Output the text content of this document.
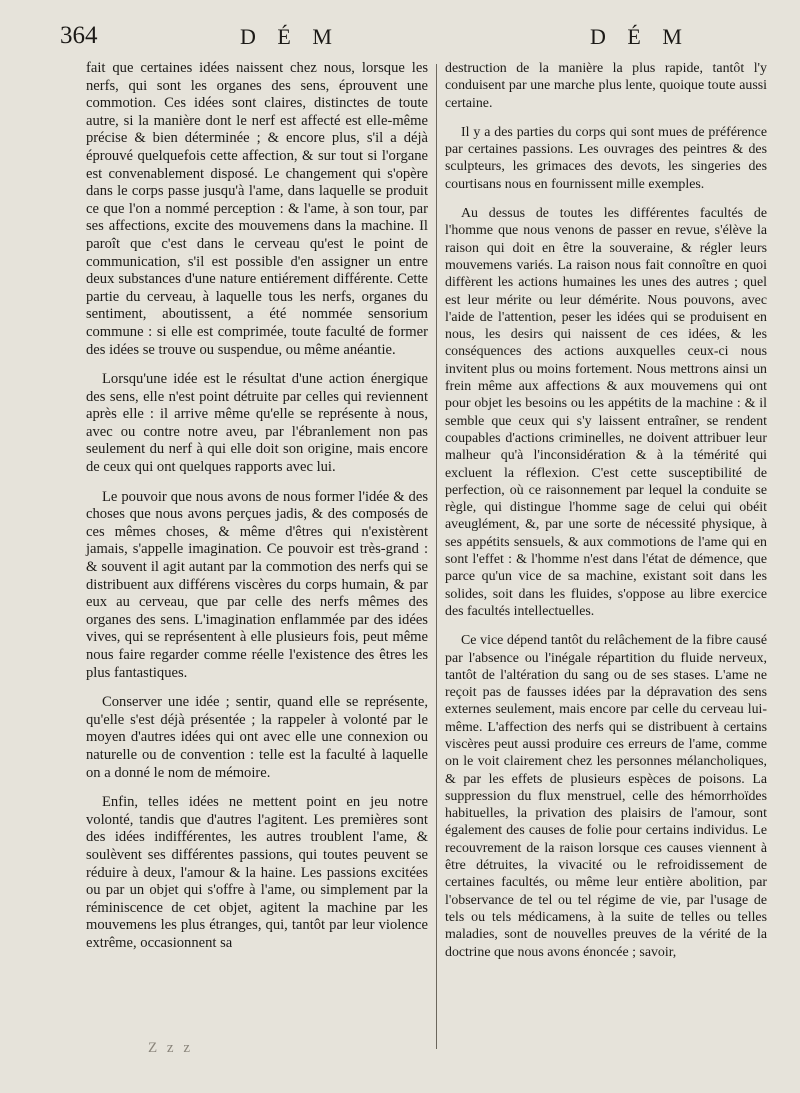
364	D É M	D É M

fait que certaines idées naissent chez nous, lorsque les nerfs, qui sont les organes des sens, éprouvent une commotion. Ces idées sont claires, distinctes de toute autre, si la manière dont le nerf est affecté est elle-même précise & bien déterminée ; & encore plus, s'il a déjà éprouvé quelquefois cette affection, & sur tout si l'organe est convenablement disposé. Le changement qui s'opère dans le corps passe jusqu'à l'ame, dans laquelle se produit ce que l'on a nommé perception : & l'ame, à son tour, par ses affections, excite des mouvemens dans la machine. Il paroît que c'est dans le cerveau qu'est le point de communication, s'il est possible d'en assigner un entre deux substances d'une nature entiérement différente. Cette partie du cerveau, à laquelle tous les nerfs, organes du sentiment, aboutissent, a été nommée sensorium commune : si elle est comprimée, toute faculté de former des idées se trouve ou suspendue, ou même anéantie.

Lorsqu'une idée est le résultat d'une action énergique des sens, elle n'est point détruite par celles qui reviennent après elle : il arrive même qu'elle se représente à nous, avec ou contre notre aveu, par l'ébranlement non pas seulement du nerf à qui elle doit son origine, mais encore de ceux qui ont quelques rapports avec lui.

Le pouvoir que nous avons de nous former l'idée & des choses que nous avons perçues jadis, & des composés de ces mêmes choses, & même d'êtres qui n'existèrent jamais, s'appelle imagination. Ce pouvoir est très-grand : & souvent il agit autant par la commotion des nerfs qui se distribuent aux différens viscères du corps humain, & par eux au cerveau, que par celle des nerfs mêmes des organes des sens. L'imagination enflammée par des idées vives, qui se représentent à elle plusieurs fois, peut même nous faire regarder comme réelle l'existence des êtres les plus fantastiques.

Conserver une idée ; sentir, quand elle se représente, qu'elle s'est déjà présentée ; la rappeler à volonté par le moyen d'autres idées qui ont avec elle une connexion ou naturelle ou de convention : telle est la faculté à laquelle on a donné le nom de mémoire.

Enfin, telles idées ne mettent point en jeu notre volonté, tandis que d'autres l'agitent. Les premières sont des idées indifférentes, les autres troublent l'ame, & soulèvent ses différentes passions, qui toutes peuvent se réduire à deux, l'amour & la haine. Les passions excitées ou par un objet qui s'offre à l'ame, ou simplement par la réminiscence de cet objet, agitent la machine par les mouvemens les plus étranges, qui, tantôt par leur violence extrême, occasionnent sa

destruction de la manière la plus rapide, tantôt l'y conduisent par une marche plus lente, quoique toute aussi certaine.

Il y a des parties du corps qui sont mues de préférence par certaines passions. Les ouvrages des peintres & des sculpteurs, les grimaces des devots, les singeries des courtisans nous en fournissent mille exemples.

Au dessus de toutes les différentes facultés de l'homme que nous venons de passer en revue, s'élève la raison qui doit en être la souveraine, & régler leurs mouvemens variés. La raison nous fait connoître en quoi diffèrent les actions humaines les unes des autres ; quel est leur mérite ou leur démérite. Nous pouvons, avec l'aide de l'attention, peser les idées qui se produisent en nous, les desirs qui naissent de ces idées, & les conséquences des actions auxquelles ceux-ci nous invitent plus ou moins fortement. Nous mettrons ainsi un frein même aux affections & aux mouvemens qui ont pour objet les besoins ou les appétits de la machine : & il semble que ceux qui s'y laissent entraîner, se rendent coupables d'actions criminelles, ne doivent attribuer leur malheur qu'à l'inconsidération & à la témérité qui excluent la réflexion. C'est cette susceptibilité de perfection, où ce raisonnement par lequel la conduite se règle, qui distingue l'homme sage de celui qui obéit aveuglément, &, par une sorte de nécessité physique, à ses appétits sensuels, & aux commotions de l'ame qui en sont l'effet : & l'homme n'est dans l'état de démence, que parce qu'un vice de sa machine, existant soit dans les solides, soit dans les fluides, s'oppose au libre exercice des facultés intellectuelles.

Ce vice dépend tantôt du relâchement de la fibre causé par l'absence ou l'inégale répartition du fluide nerveux, tantôt de l'altération du sang ou de ses stases. L'ame ne reçoit pas de fausses idées par la dépravation des sens externes seulement, mais encore par celle du cerveau lui-même. L'affection des nerfs qui se distribuent à certains viscères peut aussi produire ces erreurs de l'ame, comme on le voit clairement chez les personnes mélancholiques, & par les effets de plusieurs espèces de poisons. La suppression du flux menstruel, celle des hémorrhoïdes habituelles, la privation des plaisirs de l'amour, sont également des causes de folie pour certains individus. Le recouvrement de la raison lorsque ces causes viennent à être détruites, la vivacité ou le refroidissement de certaines facultés, ou même leur entière abolition, par l'observance de tel ou tel régime de vie, par l'usage de tels ou tels médicamens, à la suite de telles ou telles maladies, sont de nouvelles preuves de la vérité de la doctrine que nous avons énoncée ; savoir,

Z z z
